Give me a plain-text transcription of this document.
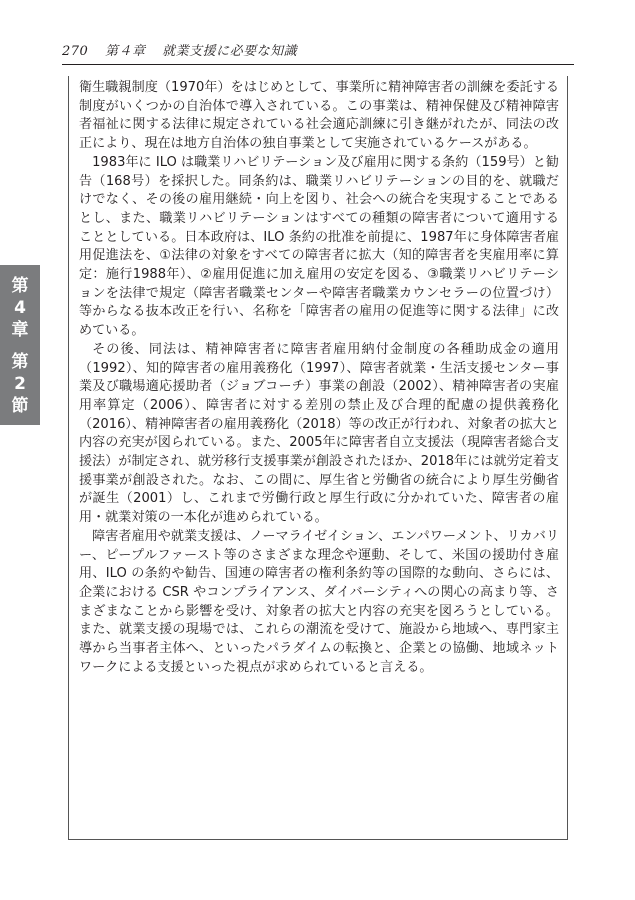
270 第４章 就業支援に必要な知識
第
4
章
第
2
節

衛生職親制度（1970年）をはじめとして、事業所に精神障害者の訓練を委託する制度がいくつかの自治体で導入されている。この事業は、精神保健及び精神障害者福祉に関する法律に規定されている社会適応訓練に引き継がれたが、同法の改正により、現在は地方自治体の独自事業として実施されているケースがある。

1983年に ILO は職業リハビリテーション及び雇用に関する条約（159号）と勧告（168号）を採択した。同条約は、職業リハビリテーションの目的を、就職だけでなく、その後の雇用継続・向上を図り、社会への統合を実現することであるとし、また、職業リハビリテーションはすべての種類の障害者について適用することとしている。日本政府は、ILO 条約の批准を前提に、1987年に身体障害者雇用促進法を、①法律の対象をすべての障害者に拡大（知的障害者を実雇用率に算定：施行1988年）、②雇用促進に加え雇用の安定を図る、③職業リハビリテーションを法律で規定（障害者職業センターや障害者職業カウンセラーの位置づけ）等からなる抜本改正を行い、名称を「障害者の雇用の促進等に関する法律」に改めている。

その後、同法は、精神障害者に障害者雇用納付金制度の各種助成金の適用（1992）、知的障害者の雇用義務化（1997）、障害者就業・生活支援センター事業及び職場適応援助者（ジョブコーチ）事業の創設（2002）、精神障害者の実雇用率算定（2006）、障害者に対する差別の禁止及び合理的配慮の提供義務化（2016）、精神障害者の雇用義務化（2018）等の改正が行われ、対象者の拡大と内容の充実が図られている。また、2005年に障害者自立支援法（現障害者総合支援法）が制定され、就労移行支援事業が創設されたほか、2018年には就労定着支援事業が創設された。なお、この間に、厚生省と労働省の統合により厚生労働省が誕生（2001）し、これまで労働行政と厚生行政に分かれていた、障害者の雇用・就業対策の一本化が進められている。

障害者雇用や就業支援は、ノーマライゼイション、エンパワーメント、リカバリー、ピープルファースト等のさまざまな理念や運動、そして、米国の援助付き雇用、ILO の条約や勧告、国連の障害者の権利条約等の国際的な動向、さらには、企業における CSR やコンプライアンス、ダイバーシティへの関心の高まり等、さまざまなことから影響を受け、対象者の拡大と内容の充実を図ろうとしている。また、就業支援の現場では、これらの潮流を受けて、施設から地域へ、専門家主導から当事者主体へ、といったパラダイムの転換と、企業との協働、地域ネットワークによる支援といった視点が求められていると言える。
